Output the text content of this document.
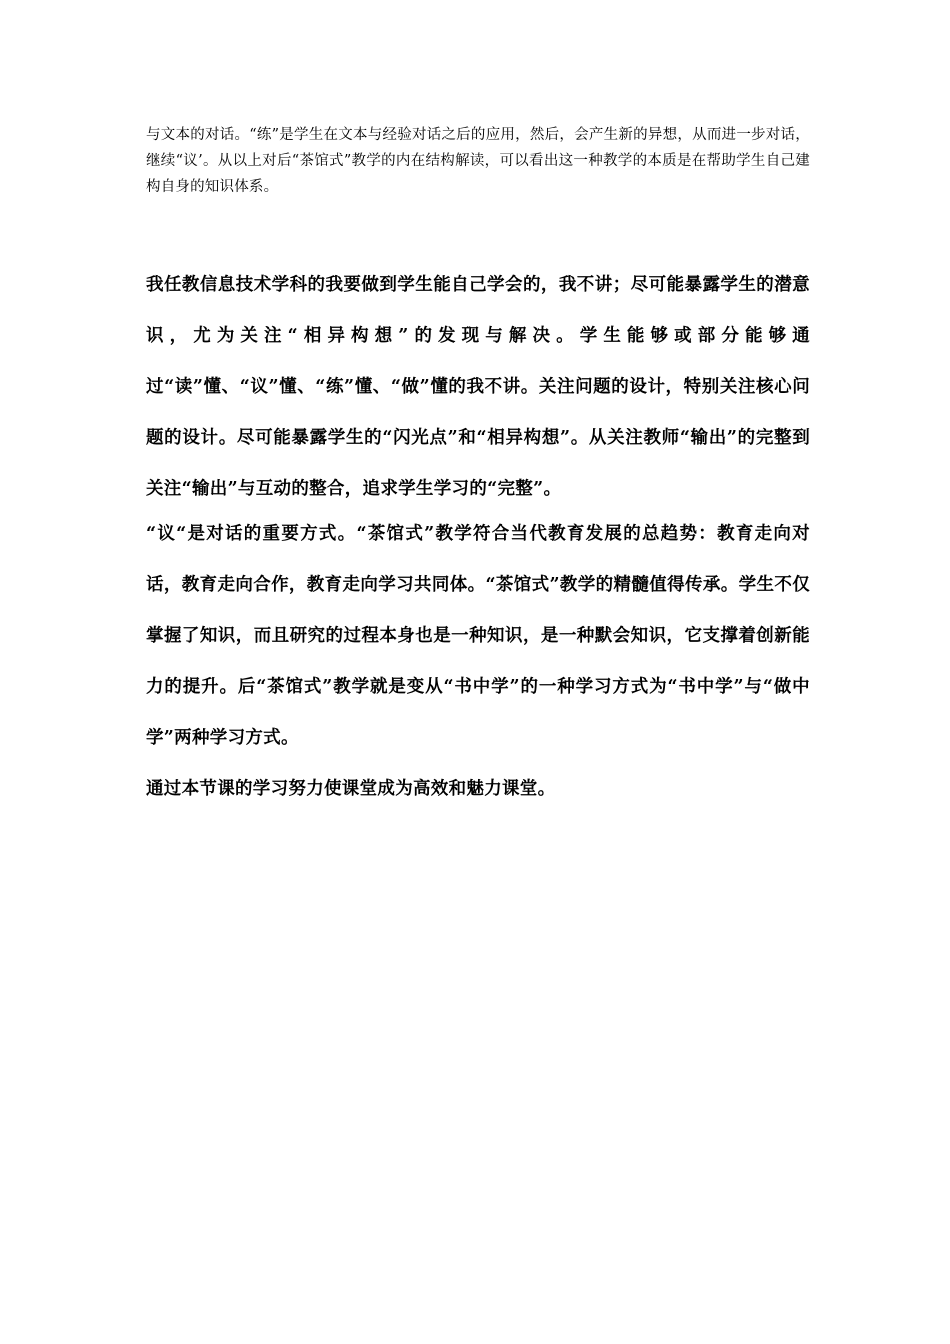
与文本的对话。“练”是学生在文本与经验对话之后的应用，然后，会产生新的异想，从而进一步对话，继续“议’。从以上对后“茶馆式”教学的内在结构解读，可以看出这一种教学的本质是在帮助学生自己建构自身的知识体系。

我任教信息技术学科的我要做到学生能自己学会的，我不讲；尽可能暴露学生的潜意识，尤为关注“相异构想”的发现与解决。学生能够或部分能够通过“读”懂、“议”懂、“练”懂、“做”懂的我不讲。关注问题的设计，特别关注核心问题的设计。尽可能暴露学生的“闪光点”和“相异构想”。从关注教师“输出”的完整到关注“输出”与互动的整合，追求学生学习的“完整”。

“议“是对话的重要方式。“茶馆式”教学符合当代教育发展的总趋势：教育走向对话，教育走向合作，教育走向学习共同体。“茶馆式”教学的精髓值得传承。学生不仅掌握了知识，而且研究的过程本身也是一种知识，是一种默会知识，它支撑着创新能力的提升。后“茶馆式”教学就是变从“书中学”的一种学习方式为“书中学”与“做中学”两种学习方式。

通过本节课的学习努力使课堂成为高效和魅力课堂。
